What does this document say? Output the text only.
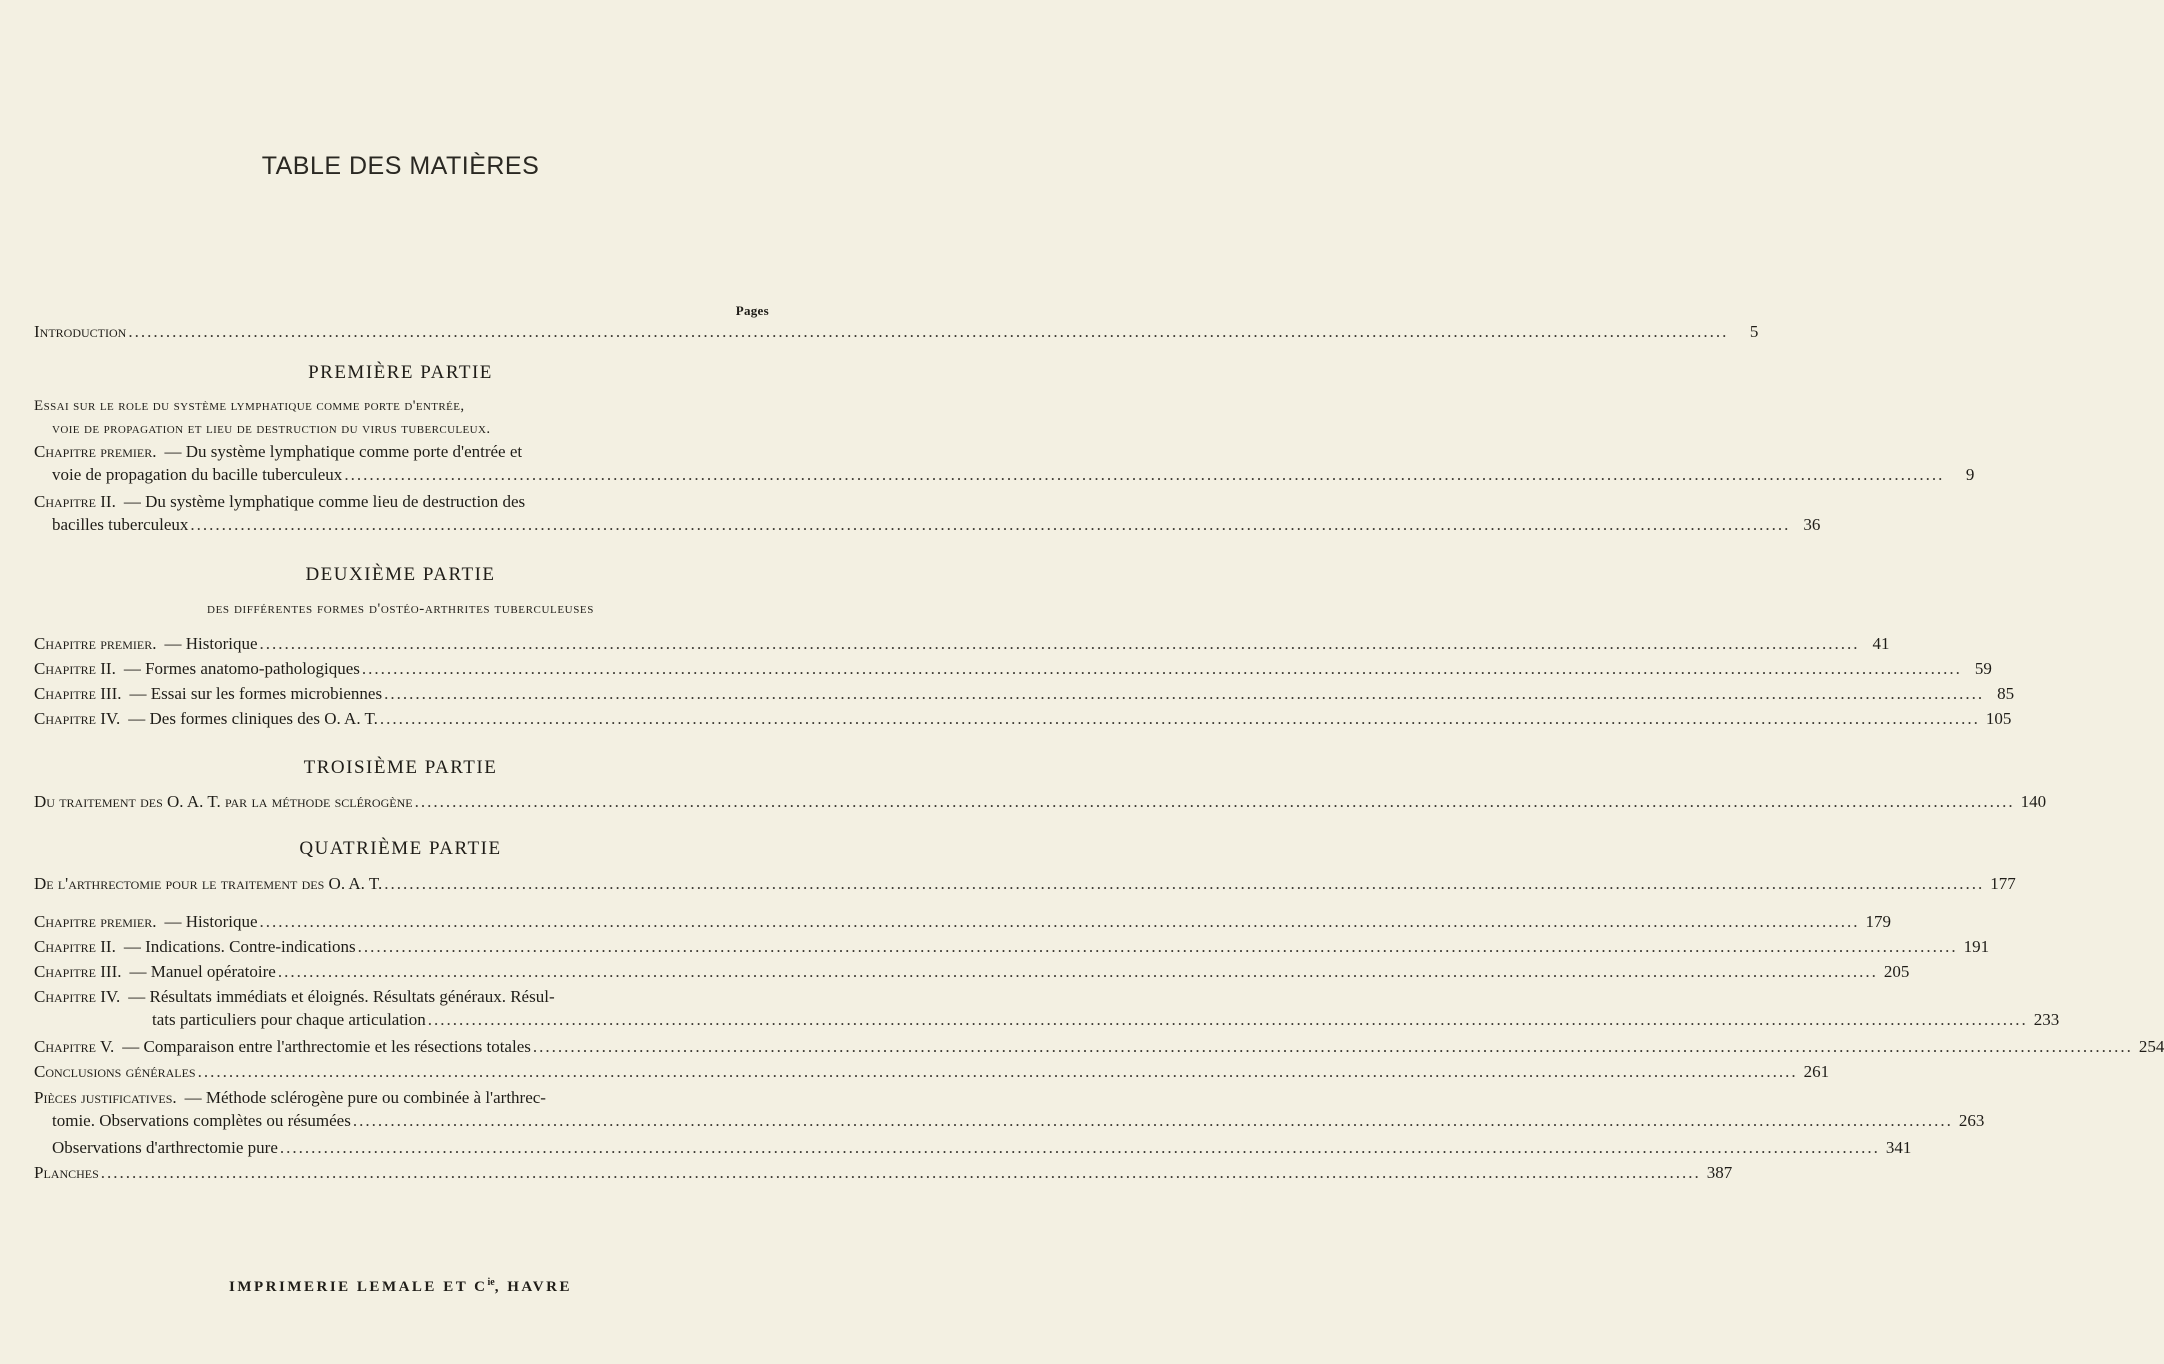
TABLE DES MATIÈRES
Pages
Introduction .....	5
PREMIÈRE PARTIE
Essai sur le role du système lymphatique comme porte d'entrée,
voie de propagation et lieu de destruction du virus tuberculeux.
Chapitre premier. — Du système lymphatique comme porte d'entrée et
voie de propagation du bacille tuberculeux .....	9
Chapitre II. — Du système lymphatique comme lieu de destruction des
bacilles tuberculeux .....	36
DEUXIÈME PARTIE
des différentes formes d'ostéo-arthrites tuberculeuses
Chapitre premier. — Historique .....	41
Chapitre II. — Formes anatomo-pathologiques .....	59
Chapitre III. — Essai sur les formes microbiennes .....	85
Chapitre IV. — Des formes cliniques des O. A. T. .....	105
TROISIÈME PARTIE
Du traitement des O. A. T. par la méthode sclérogène .....	140
QUATRIÈME PARTIE
De l'arthrectomie pour le traitement des O. A. T. .....	177
Chapitre premier. — Historique .....	179
Chapitre II. — Indications. Contre-indications .....	191
Chapitre III. — Manuel opératoire .....	205
Chapitre IV. — Résultats immédiats et éloignés. Résultats généraux. Résul-
tats particuliers pour chaque articulation .....	233
Chapitre V. — Comparaison entre l'arthrectomie et les résections totales .....	254
Conclusions générales .....	261
Pièces justificatives. — Méthode sclérogène pure ou combinée à l'arthrec-
tomie. Observations complètes ou résumées .....	263
Observations d'arthrectomie pure .....	341
Planches .....	387
IMPRIMERIE LEMALE ET $C^{ie}$, HAVRE
